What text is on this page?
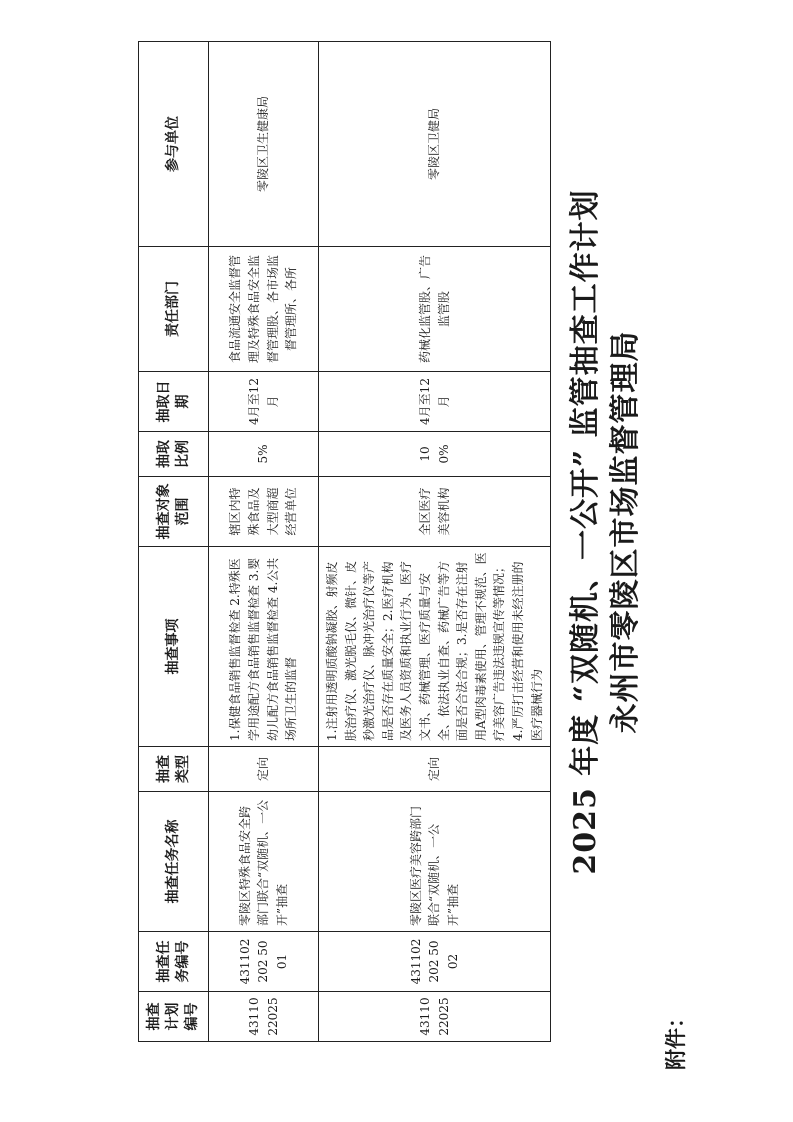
附件：
永州市零陵区市场监督管理局
2025 年度 “双随机、一公开” 监管抽查工作计划
抽查计划编号	抽查任务编号	抽查任务名称	抽查类型	抽查事项	抽查对象范围	抽取比例	抽取日期	责任部门	参与单位
4311022025	431102202 5001	零陵区特殊食品安全跨部门联合“双随机、一公开”抽查	定向	1.保健食品销售监督检查 2.特殊医学用途配方食品销售监督检查 3.婴幼儿配方食品销售监督检查 4.公共场所卫生的监督	辖区内特殊食品及大型商超经营单位	5%	4月至12月	食品流通安全监督管理及特殊食品安全监督管理股、各市场监督管理所、各所	零陵区卫生健康局
4311022025	431102202 5002	零陵区医疗美容跨部门联合“双随机、一公开”抽查	定向	1.注射用透明质酸钠凝胶、射频皮肤治疗仪、激光脱毛仪、微针、皮秒激光治疗仪、脉冲光治疗仪等产品是否存在质量安全；2.医疗机构及医务人员资质和执业行为、医疗文书、药械管理、医疗质量与安全、依法执业自查、药械广告等方面是否合法合规；3.是否存在注射用A型肉毒素使用、管理不规范、医疗美容广告违法违规宣传等情况；4.严厉打击经营和使用未经注册的医疗器械行为	全区医疗美容机构	100%	4月至12月	药械化监管股、广告监管股	零陵区卫健局
